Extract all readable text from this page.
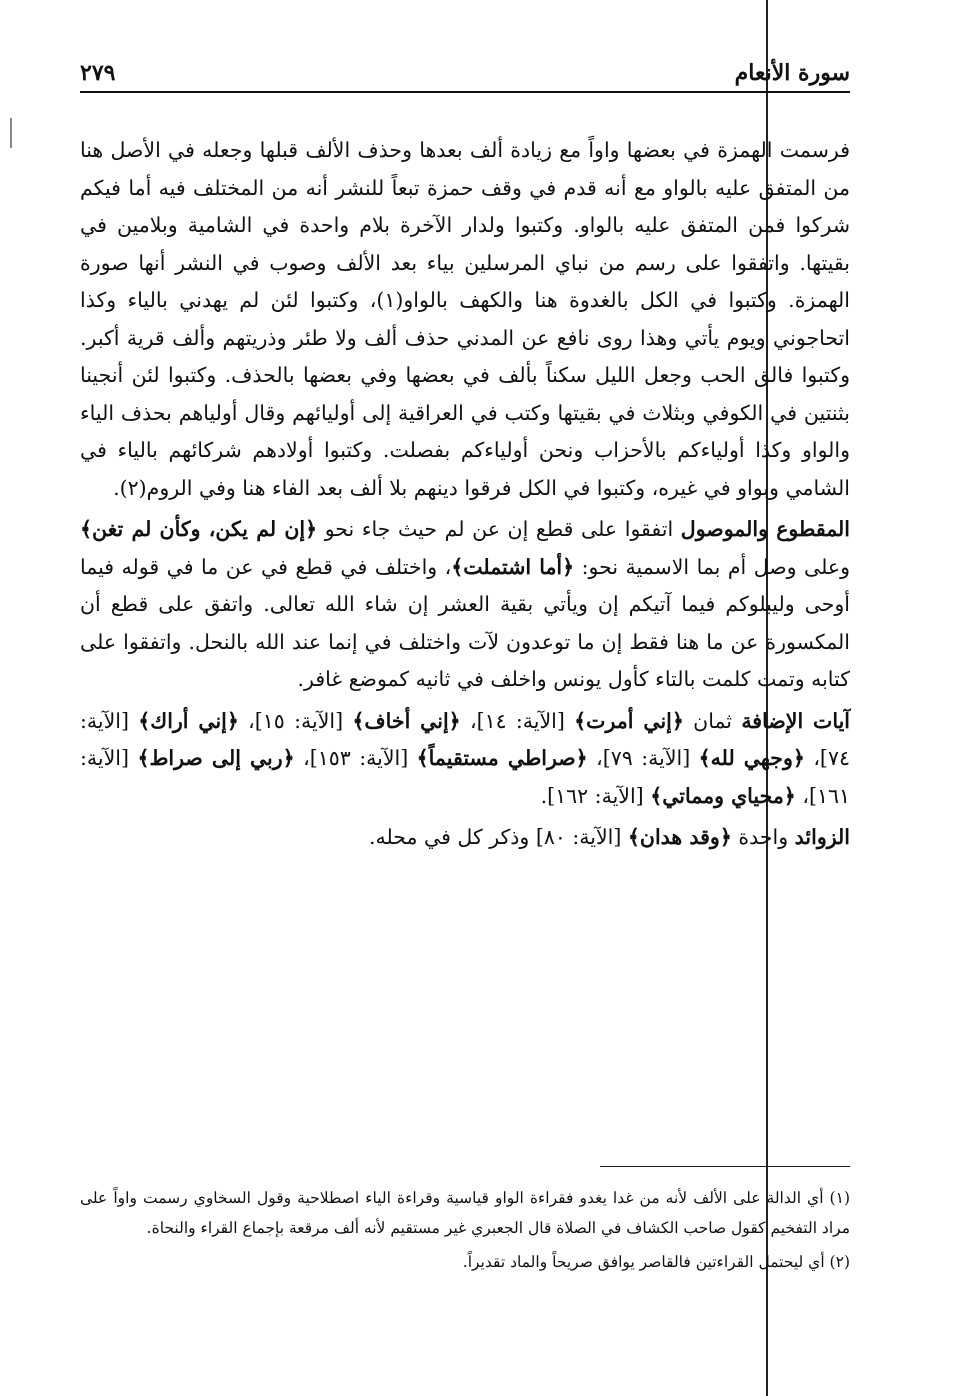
سورة الأنعام
٢٧٩

فرسمت الهمزة في بعضها واواً مع زيادة ألف بعدها وحذف الألف قبلها وجعله في الأصل هنا من المتفق عليه بالواو مع أنه قدم في وقف حمزة تبعاً للنشر أنه من المختلف فيه أما فيكم شركوا فمن المتفق عليه بالواو. وكتبوا ولدار الآخرة بلام واحدة في الشامية وبلامين في بقيتها. واتفقوا على رسم من نباي المرسلين بياء بعد الألف وصوب في النشر أنها صورة الهمزة. وكتبوا في الكل بالغدوة هنا والكهف بالواو(١)، وكتبوا لئن لم يهدني بالياء وكذا اتحاجوني ويوم يأتي وهذا روى نافع عن المدني حذف ألف ولا طئر وذريتهم وألف قرية أكبر. وكتبوا فالق الحب وجعل الليل سكناً بألف في بعضها وفي بعضها بالحذف. وكتبوا لئن أنجينا بثنتين في الكوفي وبثلاث في بقيتها وكتب في العراقية إلى أوليائهم وقال أولياهم بحذف الياء والواو وكذا أولياءكم بالأحزاب ونحن أولياءكم بفصلت. وكتبوا أولادهم شركائهم بالياء في الشامي وبواو في غيره، وكتبوا في الكل فرقوا دينهم بلا ألف بعد الفاء هنا وفي الروم(٢).

المقطوع والموصول اتفقوا على قطع إن عن لم حيث جاء نحو ﴿إن لم يكن، وكأن لم تغن﴾ وعلى وصل أم بما الاسمية نحو: ﴿أما اشتملت﴾، واختلف في قطع في عن ما في قوله فيما أوحى وليبلوكم فيما آتيكم إن ويأتي بقية العشر إن شاء الله تعالى. واتفق على قطع أن المكسورة عن ما هنا فقط إن ما توعدون لآت واختلف في إنما عند الله بالنحل. واتفقوا على كتابه وتمت كلمت بالتاء كأول يونس واخلف في ثانيه كموضع غافر.

آيات الإضافة ثمان ﴿إني أمرت﴾ [الآية: ١٤]، ﴿إني أخاف﴾ [الآية: ١٥]، ﴿إني أراك﴾ [الآية: ٧٤]، ﴿وجهي لله﴾ [الآية: ٧٩]، ﴿صراطي مستقيماً﴾ [الآية: ١٥٣]، ﴿ربي إلى صراط﴾ [الآية: ١٦١]، ﴿محياي ومماتي﴾ [الآية: ١٦٢].

الزوائد واحدة ﴿وقد هدان﴾ [الآية: ٨٠] وذكر كل في محله.

(١) أي الدالة على الألف لأنه من غدا يغدو فقراءة الواو قياسية وقراءة الياء اصطلاحية وقول السخاوي رسمت واواً على مراد التفخيم كقول صاحب الكشاف في الصلاة قال الجعبري غير مستقيم لأنه ألف مرقعة بإجماع القراء والنحاة.

(٢) أي ليحتمل القراءتين فالقاصر يوافق صريحاً والماد تقديراً.
